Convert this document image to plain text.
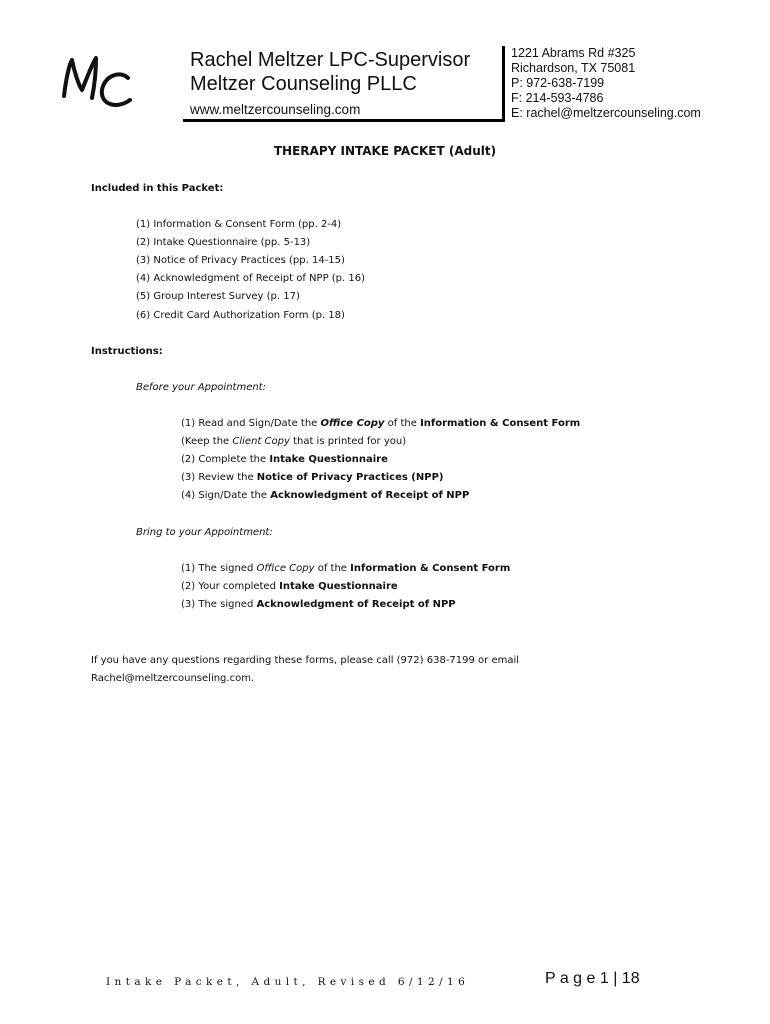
Rachel Meltzer LPC-Supervisor
Meltzer Counseling PLLC
www.meltzercounseling.com
1221 Abrams Rd #325
Richardson, TX 75081
P: 972-638-7199
F: 214-593-4786
E: rachel@meltzercounseling.com
THERAPY INTAKE PACKET (Adult)
Included in this Packet:
(1) Information & Consent Form (pp. 2-4)
(2) Intake Questionnaire (pp. 5-13)
(3) Notice of Privacy Practices (pp. 14-15)
(4) Acknowledgment of Receipt of NPP (p. 16)
(5) Group Interest Survey (p. 17)
(6) Credit Card Authorization Form (p. 18)
Instructions:
Before your Appointment:
(1) Read and Sign/Date the Office Copy of the Information & Consent Form
(Keep the Client Copy that is printed for you)
(2) Complete the Intake Questionnaire
(3) Review the Notice of Privacy Practices (NPP)
(4) Sign/Date the Acknowledgment of Receipt of NPP
Bring to your Appointment:
(1) The signed Office Copy of the Information & Consent Form
(2) Your completed Intake Questionnaire
(3) The signed Acknowledgment of Receipt of NPP
If you have any questions regarding these forms, please call (972) 638-7199 or email
Rachel@meltzercounseling.com.
Intake Packet, Adult, Revised 6/12/16	P a g e 1 | 18
